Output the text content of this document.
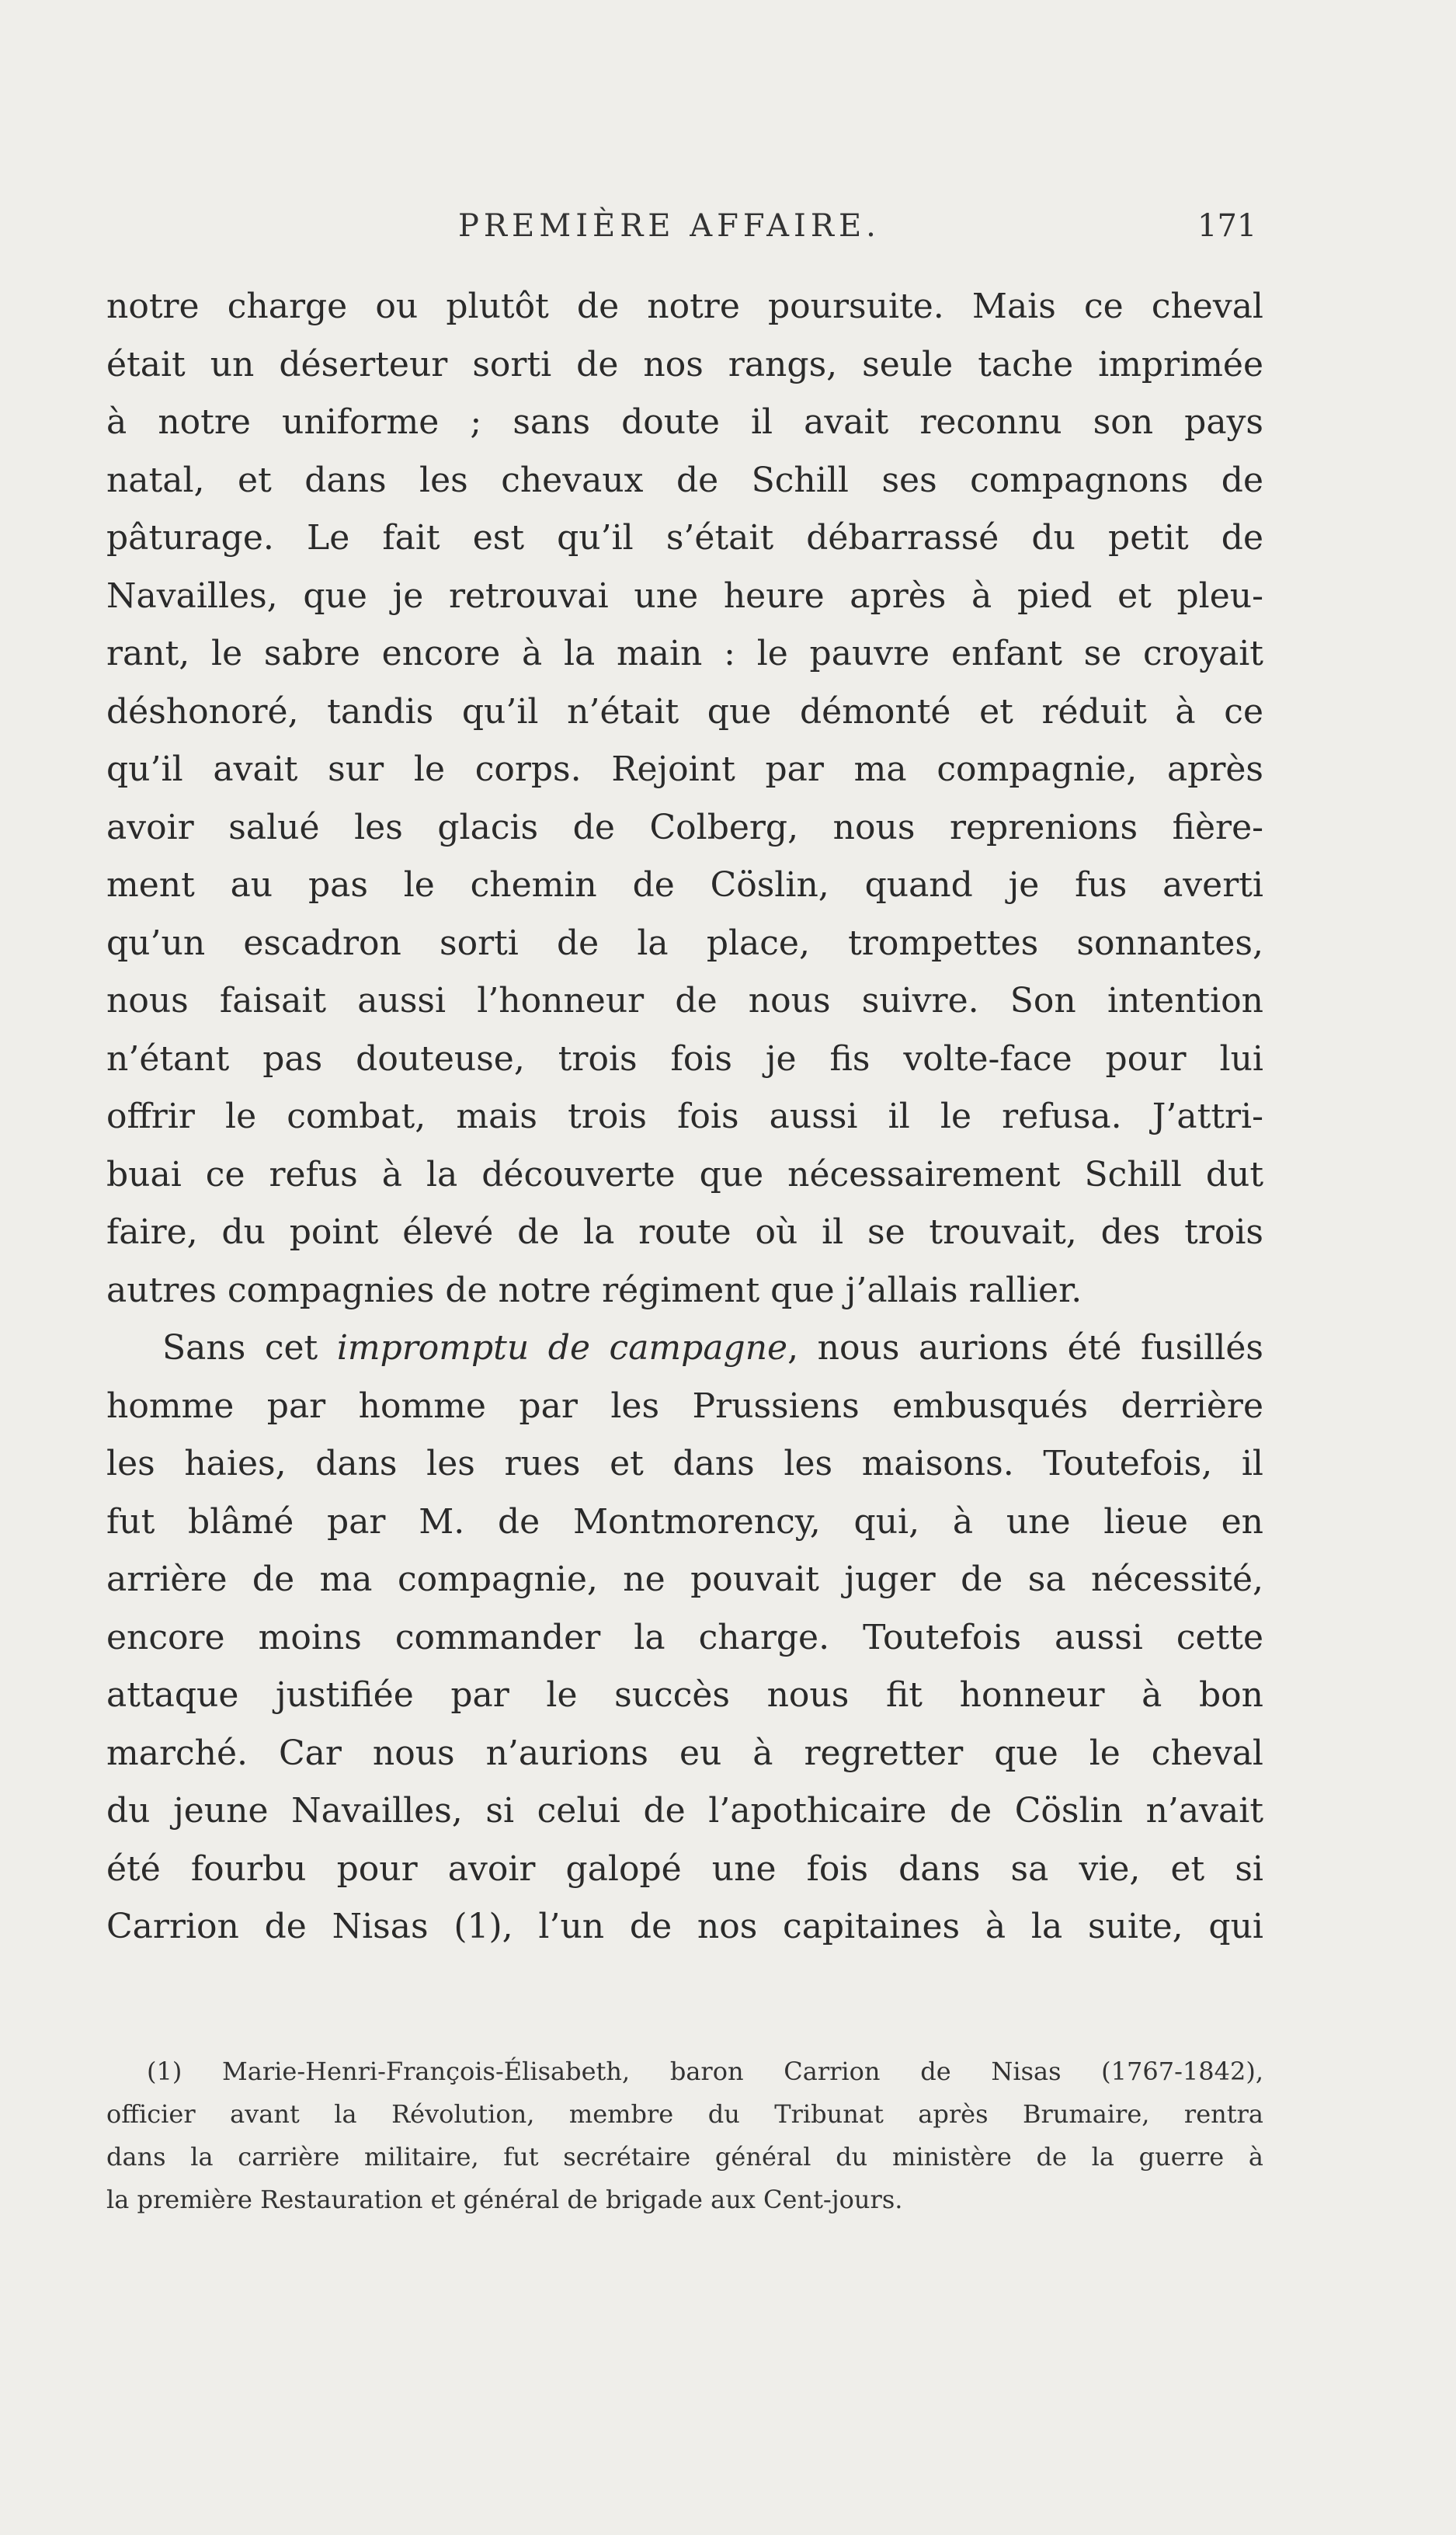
PREMIÈRE AFFAIRE.	171
notre charge ou plutôt de notre poursuite. Mais ce cheval
était un déserteur sorti de nos rangs, seule tache imprimée
à notre uniforme ; sans doute il avait reconnu son pays
natal, et dans les chevaux de Schill ses compagnons de
pâturage. Le fait est qu’il s’était débarrassé du petit de
Navailles, que je retrouvai une heure après à pied et pleu-
rant, le sabre encore à la main : le pauvre enfant se croyait
déshonoré, tandis qu’il n’était que démonté et réduit à ce
qu’il avait sur le corps. Rejoint par ma compagnie, après
avoir salué les glacis de Colberg, nous reprenions fière-
ment au pas le chemin de Cöslin, quand je fus averti
qu’un escadron sorti de la place, trompettes sonnantes,
nous faisait aussi l’honneur de nous suivre. Son intention
n’étant pas douteuse, trois fois je fis volte-face pour lui
offrir le combat, mais trois fois aussi il le refusa. J’attri-
buai ce refus à la découverte que nécessairement Schill dut
faire, du point élevé de la route où il se trouvait, des trois
autres compagnies de notre régiment que j’allais rallier.
Sans cet impromptu de campagne, nous aurions été fusillés
homme par homme par les Prussiens embusqués derrière
les haies, dans les rues et dans les maisons. Toutefois, il
fut blâmé par M. de Montmorency, qui, à une lieue en
arrière de ma compagnie, ne pouvait juger de sa nécessité,
encore moins commander la charge. Toutefois aussi cette
attaque justifiée par le succès nous fit honneur à bon
marché. Car nous n’aurions eu à regretter que le cheval
du jeune Navailles, si celui de l’apothicaire de Cöslin n’avait
été fourbu pour avoir galopé une fois dans sa vie, et si
Carrion de Nisas (1), l’un de nos capitaines à la suite, qui
(1) Marie-Henri-François-Élisabeth, baron Carrion de Nisas (1767-1842),
officier avant la Révolution, membre du Tribunat après Brumaire, rentra
dans la carrière militaire, fut secrétaire général du ministère de la guerre à
la première Restauration et général de brigade aux Cent-jours.
